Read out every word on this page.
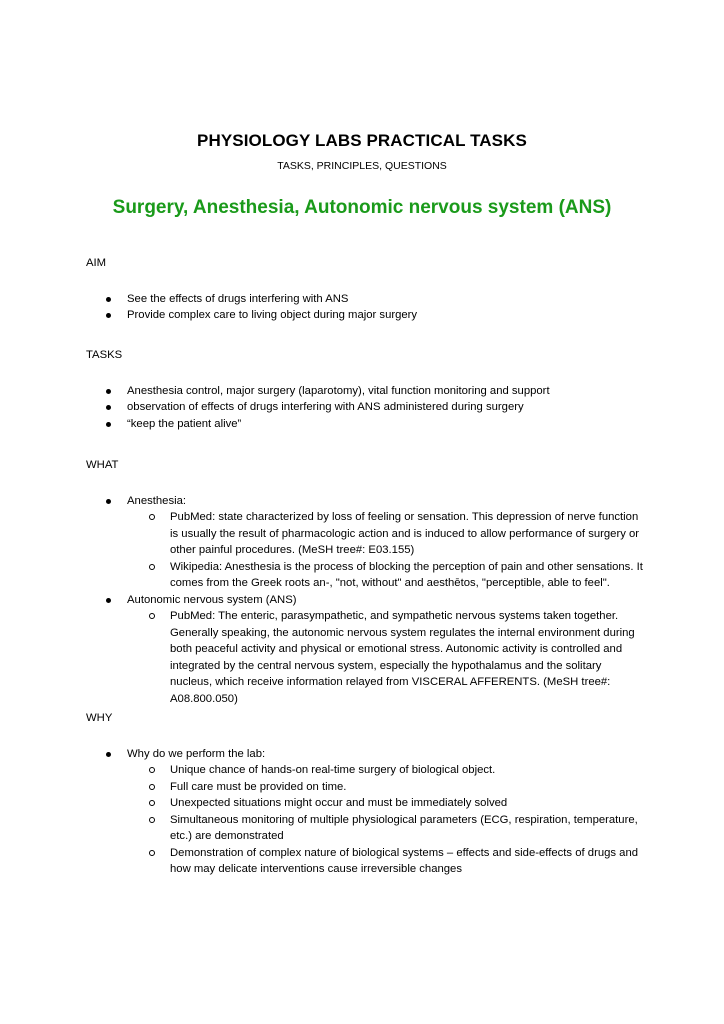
PHYSIOLOGY LABS PRACTICAL TASKS
TASKS, PRINCIPLES, QUESTIONS
Surgery, Anesthesia, Autonomic nervous system (ANS)
AIM
See the effects of drugs interfering with ANS
Provide complex care to living object during major surgery
TASKS
Anesthesia control, major surgery (laparotomy), vital function monitoring and support
observation of effects of drugs interfering with ANS administered during surgery
“keep the patient alive”
WHAT
Anesthesia:
PubMed: state characterized by loss of feeling or sensation. This depression of nerve function is usually the result of pharmacologic action and is induced to allow performance of surgery or other painful procedures. (MeSH tree#: E03.155)
Wikipedia: Anesthesia is the process of blocking the perception of pain and other sensations. It comes from the Greek roots an-, "not, without" and aesthētos, "perceptible, able to feel".
Autonomic nervous system (ANS)
PubMed: The enteric, parasympathetic, and sympathetic nervous systems taken together. Generally speaking, the autonomic nervous system regulates the internal environment during both peaceful activity and physical or emotional stress. Autonomic activity is controlled and integrated by the central nervous system, especially the hypothalamus and the solitary nucleus, which receive information relayed from VISCERAL AFFERENTS. (MeSH tree#: A08.800.050)
WHY
Why do we perform the lab:
Unique chance of hands-on real-time surgery of biological object.
Full care must be provided on time.
Unexpected situations might occur and must be immediately solved
Simultaneous monitoring of multiple physiological parameters (ECG, respiration, temperature, etc.) are demonstrated
Demonstration of complex nature of biological systems – effects and side-effects of drugs and how may delicate interventions cause irreversible changes
